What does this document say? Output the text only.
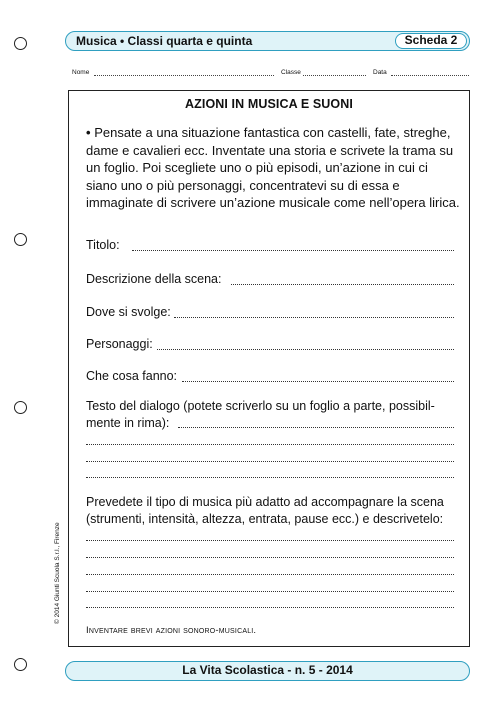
Musica • Classi quarta e quinta	Scheda 2
Nome	Classe	Data
AZIONI IN MUSICA E SUONI
• Pensate a una situazione fantastica con castelli, fate, streghe, dame e cavalieri ecc. Inventate una storia e scrivete la trama su un foglio. Poi scegliete uno o più episodi, un’azione in cui ci siano uno o più personaggi, concentratevi su di essa e immaginate di scrivere un’azione musicale come nell’opera lirica.
Titolo:
Descrizione della scena:
Dove si svolge:
Personaggi:
Che cosa fanno:
Testo del dialogo (potete scriverlo su un foglio a parte, possibil-mente in rima):
Prevedete il tipo di musica più adatto ad accompagnare la scena (strumenti, intensità, altezza, entrata, pause ecc.) e descrivetelo:
Inventare brevi azioni sonoro-musicali.
© 2014 Giunti Scuola S.r.l., Firenze
La Vita Scolastica - n. 5 - 2014
